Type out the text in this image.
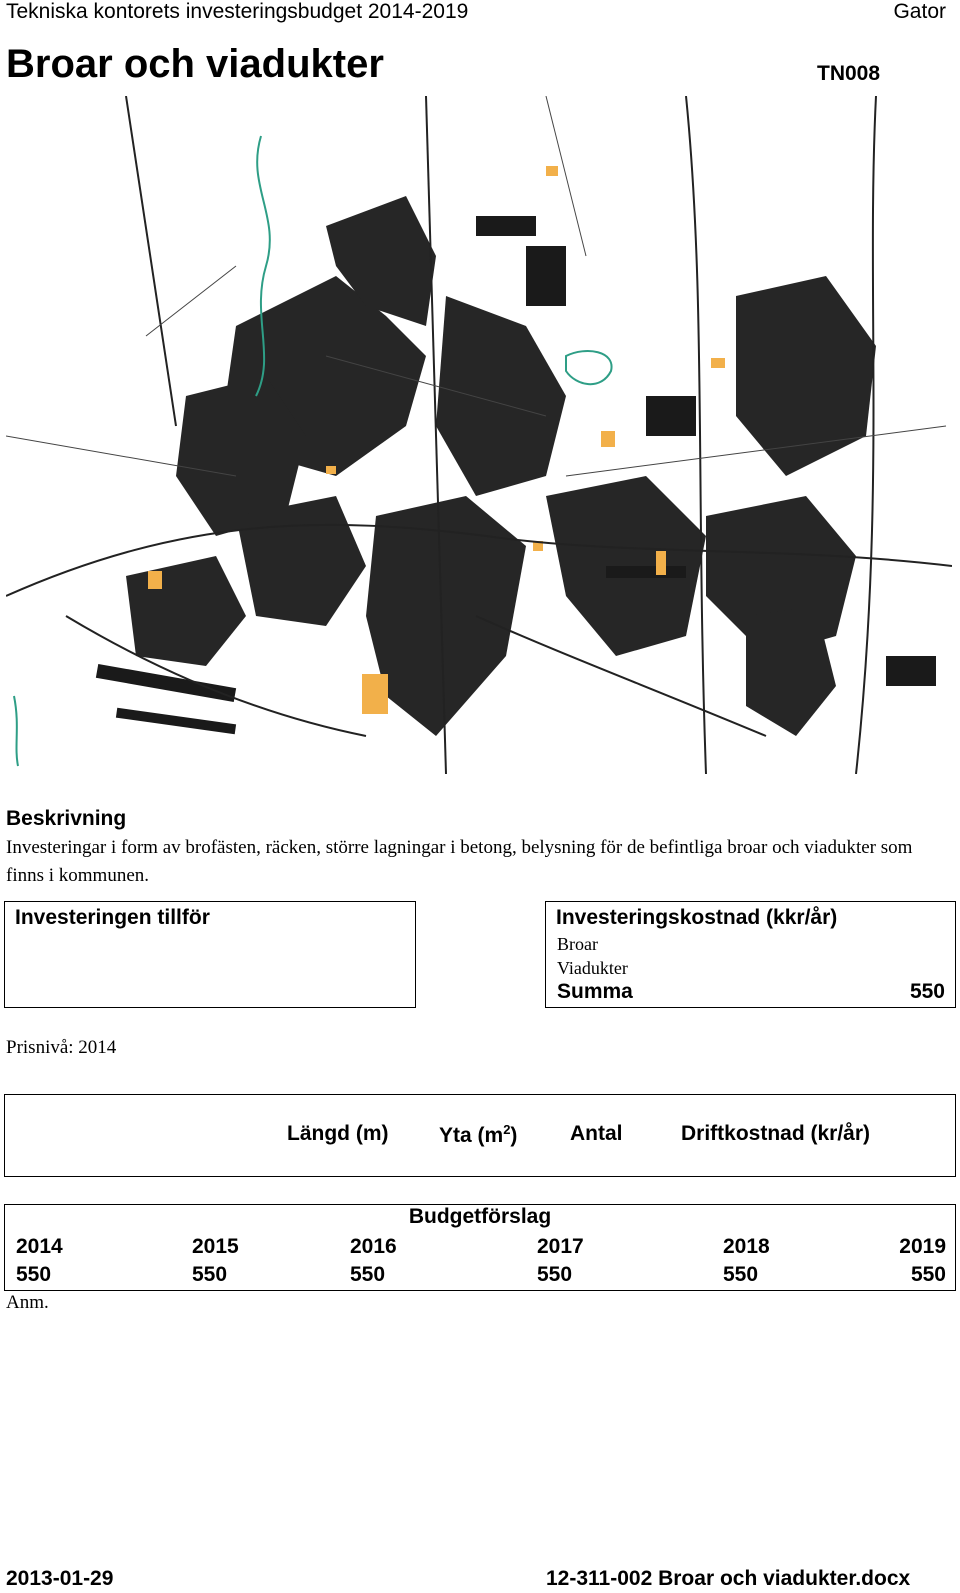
Tekniska kontorets investeringsbudget 2014-2019	Gator
Broar och viadukter	TN008
Beskrivning
Investeringar i form av brofästen, räcken, större lagningar i betong, belysning för de befintliga broar och viadukter som finns i kommunen.
Investeringen tillför	Investeringskostnad (kkr/år)
Broar
Viadukter
Summa	550
Prisnivå: 2014
Längd (m) Yta $(m^2)$	Antal	Driftkostnad (kr/år)
Budgetförslag
2014	2015	2016	2017	2018	2019
550	550	550	550	550	550
Anm.
2013-01-29	12-311-002 Broar och viadukter.docx
